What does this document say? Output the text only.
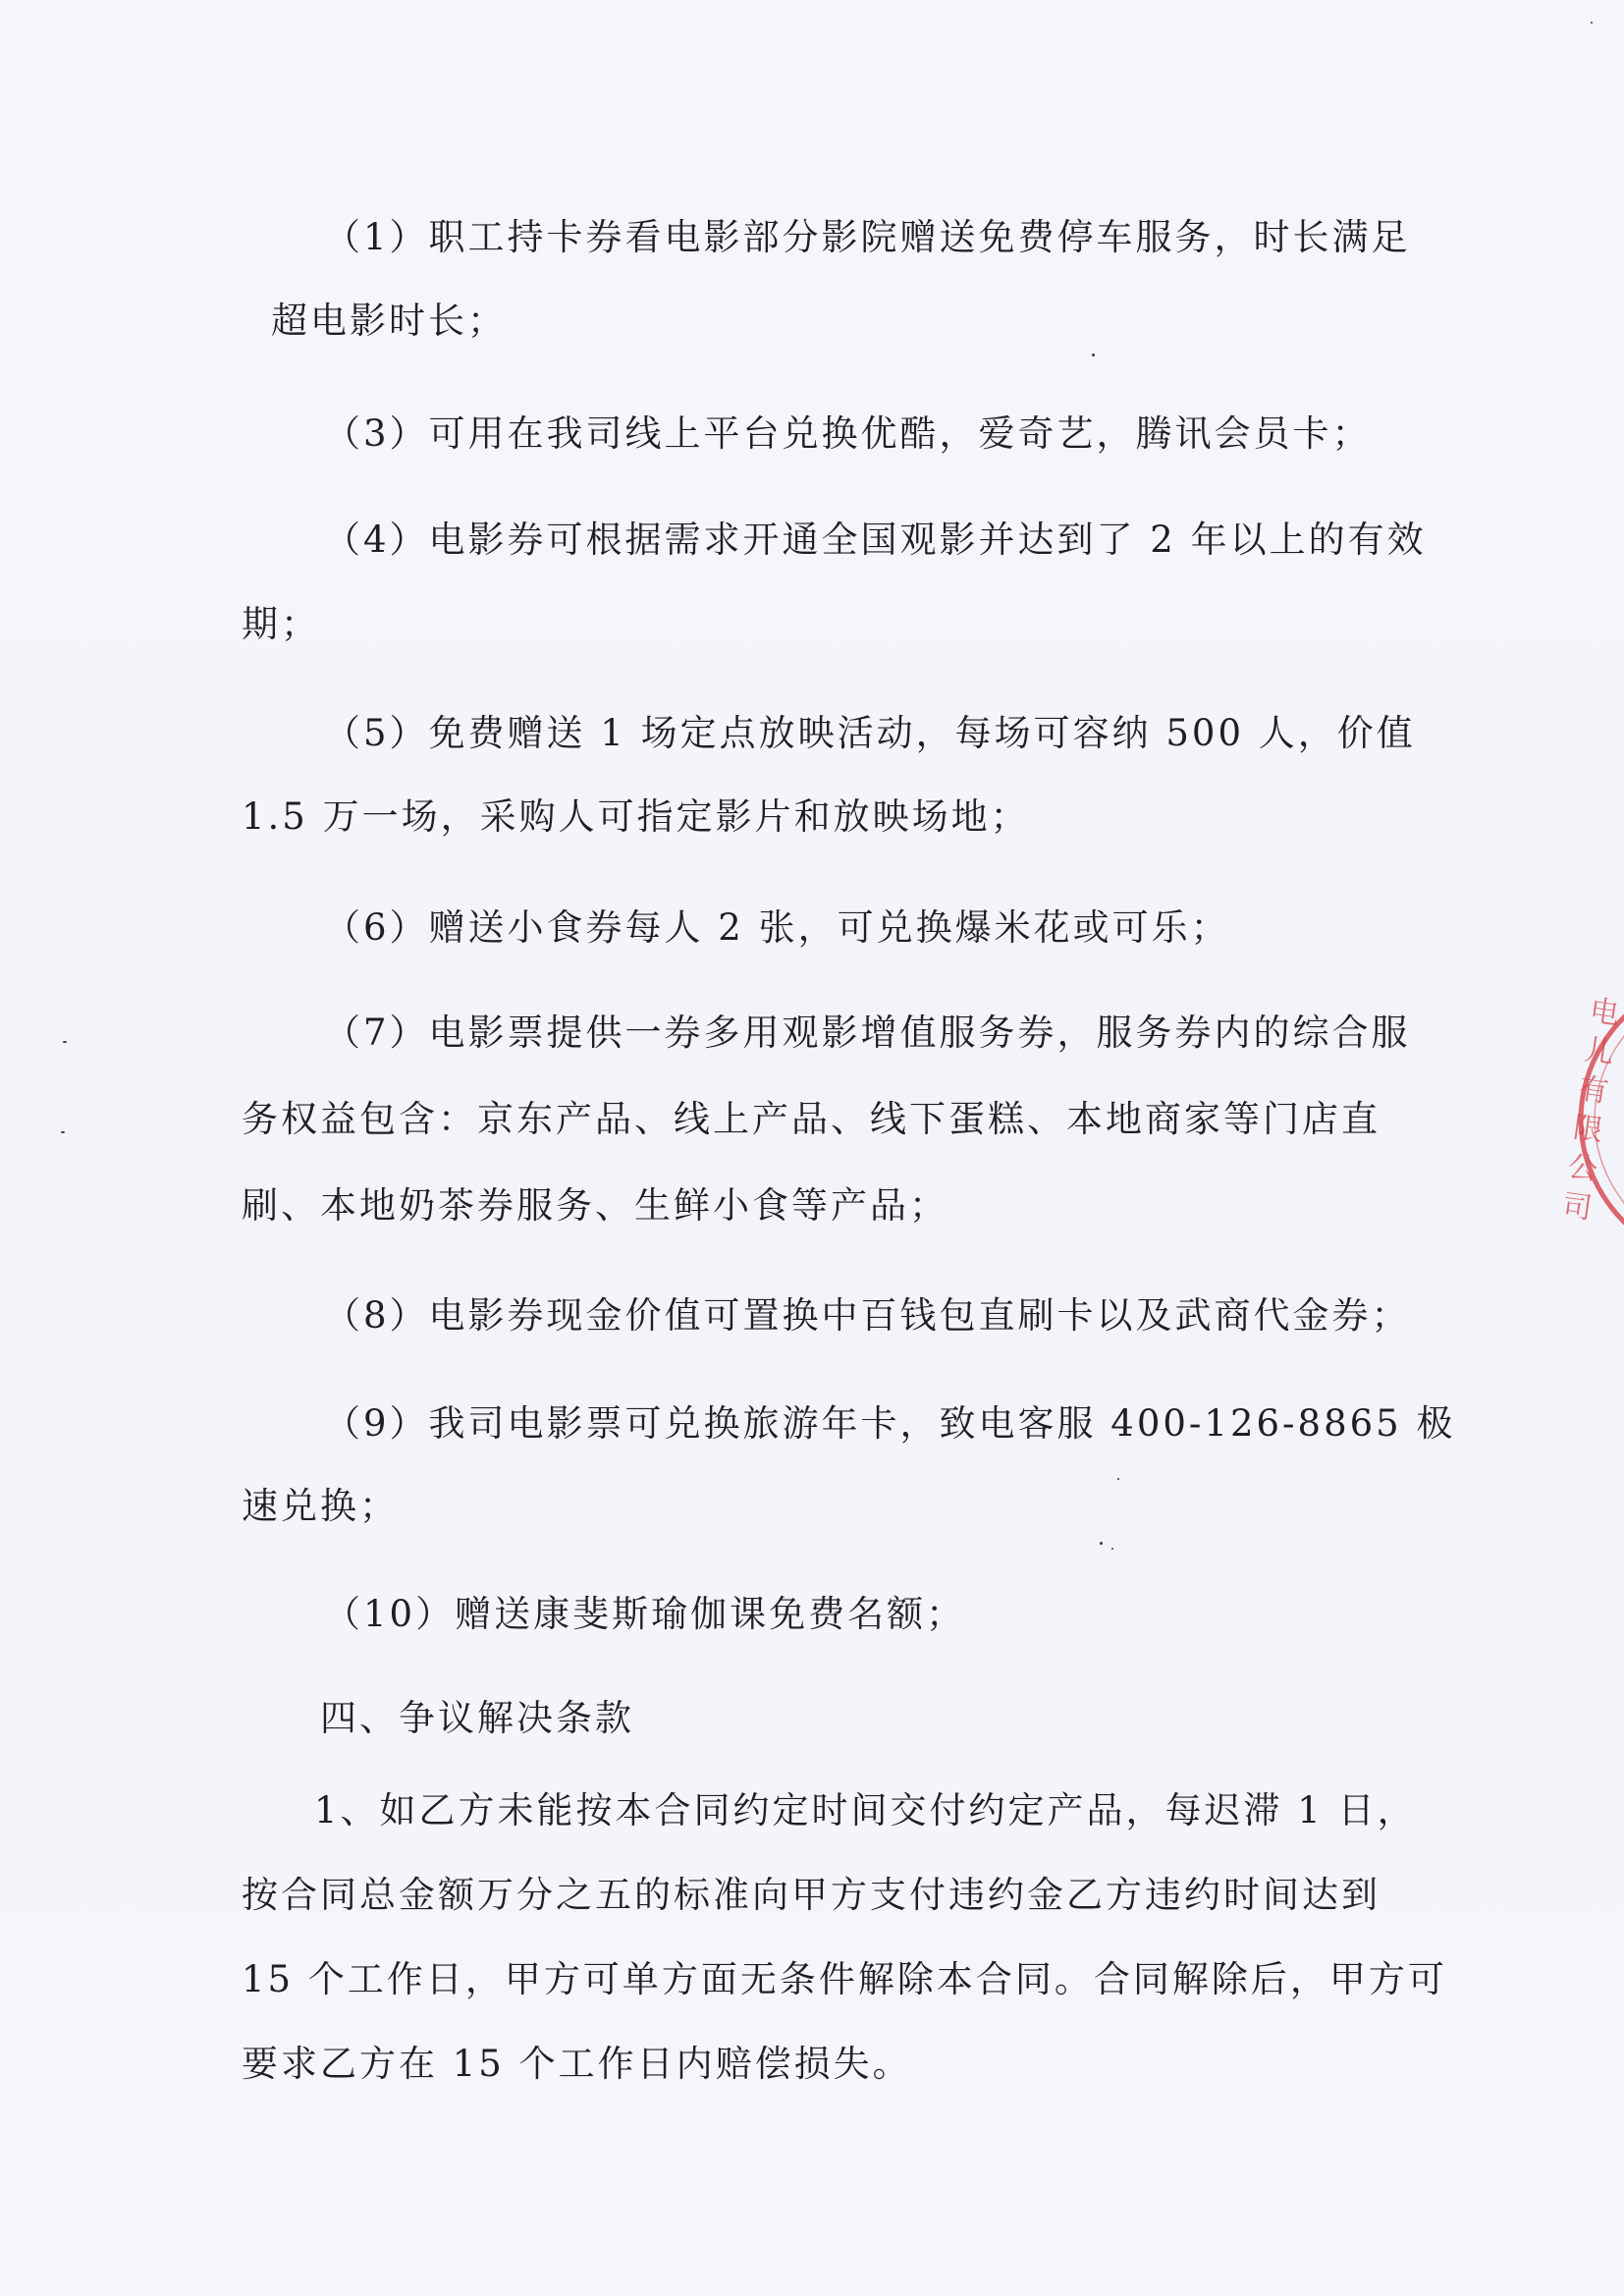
（1）职工持卡券看电影部分影院赠送免费停车服务，时长满足
超电影时长；
（3）可用在我司线上平台兑换优酷，爱奇艺，腾讯会员卡；
（4）电影券可根据需求开通全国观影并达到了 2 年以上的有效
期；
（5）免费赠送 1 场定点放映活动，每场可容纳 500 人，价值
1.5 万一场，采购人可指定影片和放映场地；
（6）赠送小食券每人 2 张，可兑换爆米花或可乐；
（7）电影票提供一券多用观影增值服务券，服务券内的综合服
务权益包含：京东产品、线上产品、线下蛋糕、本地商家等门店直
刷、本地奶茶券服务、生鲜小食等产品；
（8）电影券现金价值可置换中百钱包直刷卡以及武商代金券；
（9）我司电影票可兑换旅游年卡，致电客服 400-126-8865 极
速兑换；
（10）赠送康斐斯瑜伽课免费名额；
四、争议解决条款
1、如乙方未能按本合同约定时间交付约定产品，每迟滞 1 日，
按合同总金额万分之五的标准向甲方支付违约金乙方违约时间达到
15 个工作日，甲方可单方面无条件解除本合同。合同解除后，甲方可
要求乙方在 15 个工作日内赔偿损失。
电儿有限公司
